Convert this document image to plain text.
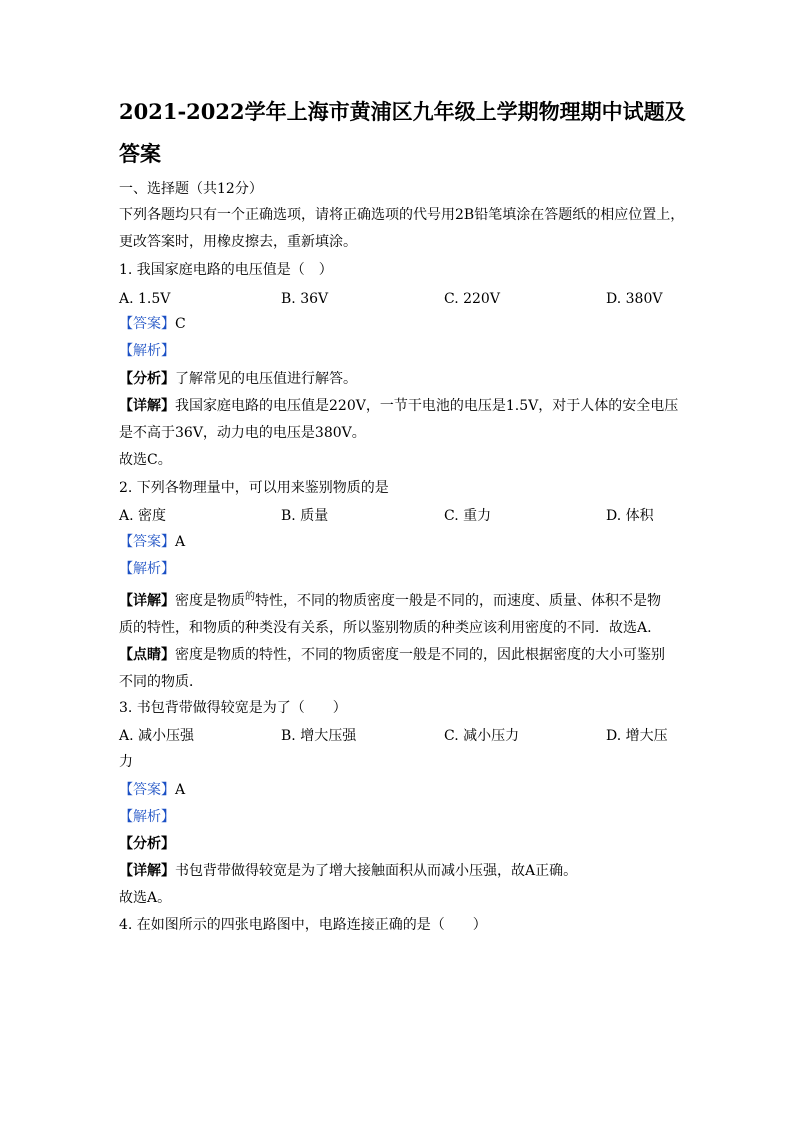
2021-2022学年上海市黄浦区九年级上学期物理期中试题及
答案
一、选择题（共12分）
下列各题均只有一个正确选项，请将正确选项的代号用2B铅笔填涂在答题纸的相应位置上，
更改答案时，用橡皮擦去，重新填涂。
1. 我国家庭电路的电压值是（　）
A. 1.5V	B. 36V	C. 220V	D. 380V
【答案】C
【解析】
【分析】了解常见的电压值进行解答。
【详解】我国家庭电路的电压值是220V，一节干电池的电压是1.5V，对于人体的安全电压
是不高于36V，动力电的电压是380V。
故选C。
2. 下列各物理量中，可以用来鉴别物质的是
A. 密度	B. 质量	C. 重力	D. 体积
【答案】A
【解析】
【详解】密度是物质$^的$特性，不同的物质密度一般是不同的，而速度、质量、体积不是物
质的特性，和物质的种类没有关系，所以鉴别物质的种类应该利用密度的不同．故选A.
【点睛】密度是物质的特性，不同的物质密度一般是不同的，因此根据密度的大小可鉴别
不同的物质．
3. 书包背带做得较宽是为了（　　）
A. 减小压强	B. 增大压强	C. 减小压力	D. 增大压
力
【答案】A
【解析】
【分析】
【详解】书包背带做得较宽是为了增大接触面积从而减小压强，故A正确。
故选A。
4. 在如图所示的四张电路图中，电路连接正确的是（　　）
